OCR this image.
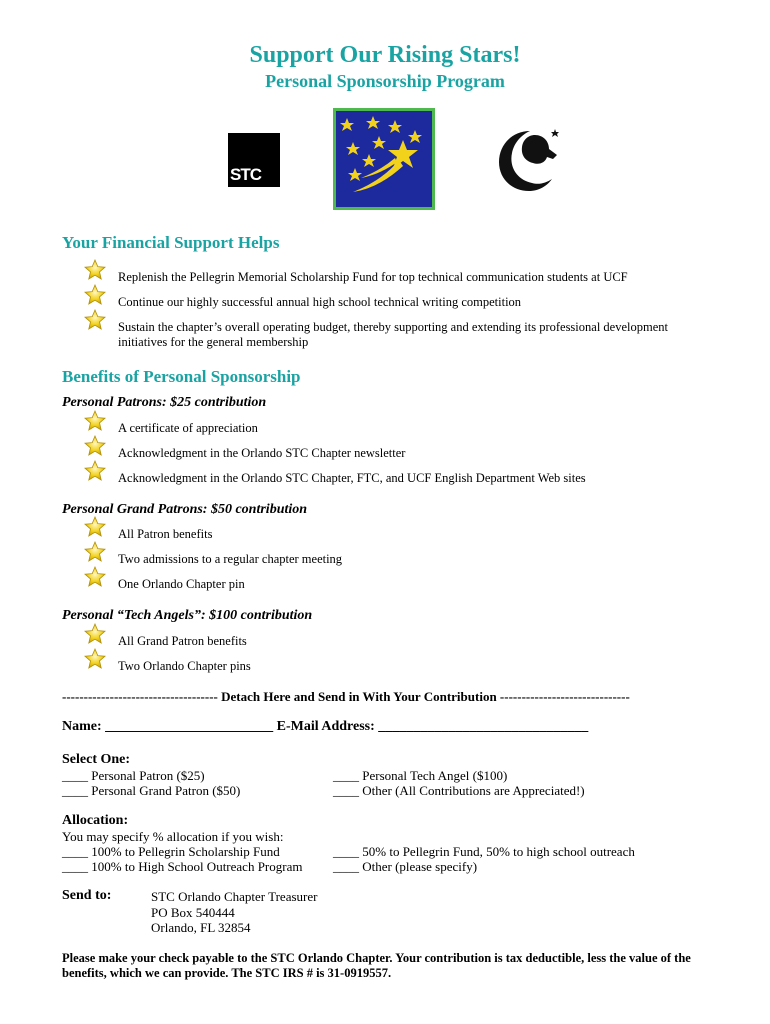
Support Our Rising Stars!
Personal Sponsorship Program
STC
Your Financial Support Helps
Replenish the Pellegrin Memorial Scholarship Fund for top technical communication students at UCF
Continue our highly successful annual high school technical writing competition
Sustain the chapter’s overall operating budget, thereby supporting and extending its professional development initiatives for the general membership
Benefits of Personal Sponsorship
Personal Patrons: $25 contribution
A certificate of appreciation
Acknowledgment in the Orlando STC Chapter newsletter
Acknowledgment in the Orlando STC Chapter, FTC, and UCF English Department Web sites
Personal Grand Patrons: $50 contribution
All Patron benefits
Two admissions to a regular chapter meeting
One Orlando Chapter pin
Personal “Tech Angels”: $100 contribution
All Grand Patron benefits
Two Orlando Chapter pins
------------------------------------ Detach Here and Send in With Your Contribution ------------------------------
Name: ________________________ E-Mail Address: ______________________________
Select One:
____ Personal Patron ($25)
____ Personal Grand Patron ($50)
____ Personal Tech Angel ($100)
____ Other (All Contributions are Appreciated!)
Allocation:
You may specify % allocation if you wish:
____ 100% to Pellegrin Scholarship Fund
____ 100% to High School Outreach Program
____ 50% to Pellegrin Fund, 50% to high school outreach
____ Other (please specify)
Send to:	STC Orlando Chapter Treasurer
PO Box 540444
Orlando, FL 32854
Please make your check payable to the STC Orlando Chapter. Your contribution is tax deductible, less the value of the
benefits, which we can provide. The STC IRS # is 31-0919557.
